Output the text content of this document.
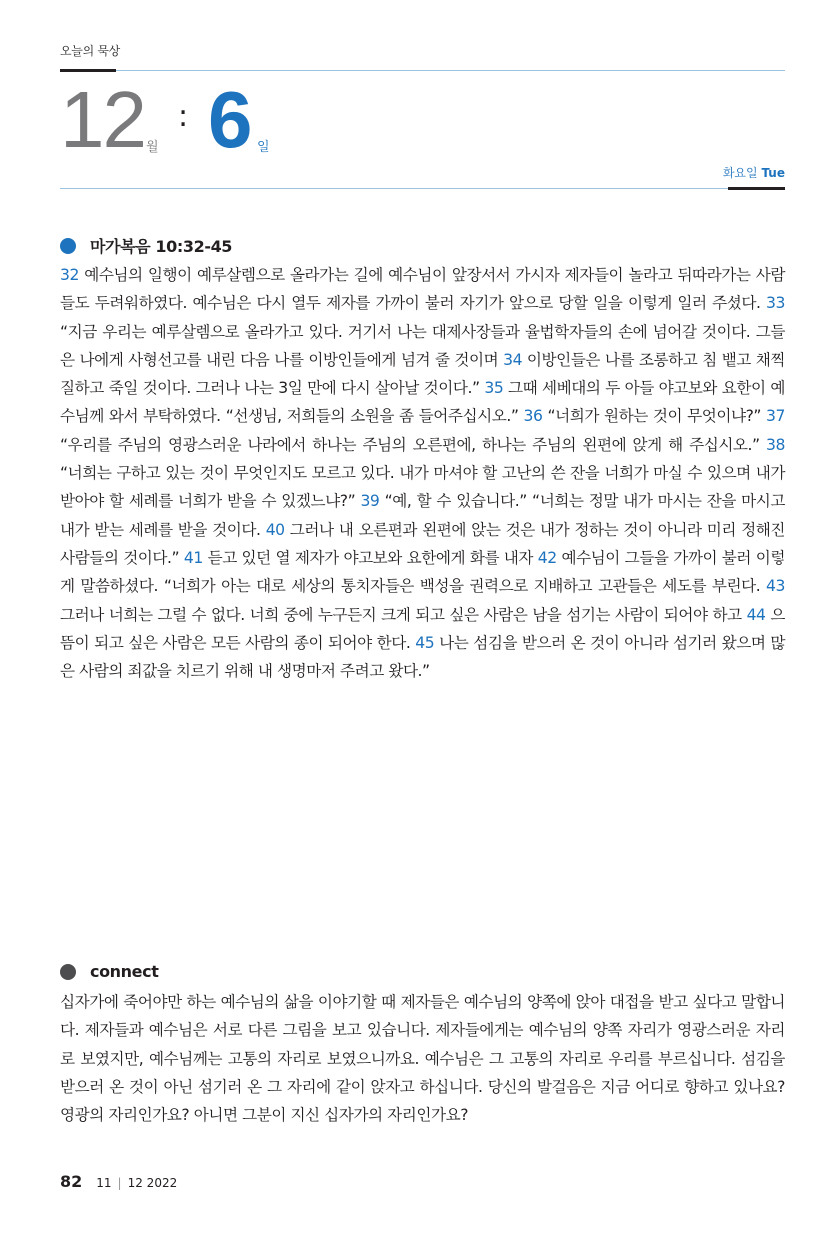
오늘의 묵상
12 월
: 6 일
화요일 Tue
마가복음 10:32-45

32 예수님의 일행이 예루살렘으로 올라가는 길에 예수님이 앞장서서 가시자 제자들이 놀라고 뒤따라가는 사람들도 두려워하였다. 예수님은 다시 열두 제자를 가까이 불러 자기가 앞으로 당할 일을 이렇게 일러 주셨다. 33 “지금 우리는 예루살렘으로 올라가고 있다. 거기서 나는 대제사장들과 율법학자들의 손에 넘어갈 것이다. 그들은 나에게 사형선고를 내린 다음 나를 이방인들에게 넘겨 줄 것이며 34 이방인들은 나를 조롱하고 침 뱉고 채찍질하고 죽일 것이다. 그러나 나는 3일 만에 다시 살아날 것이다.” 35 그때 세베대의 두 아들 야고보와 요한이 예수님께 와서 부탁하였다. “선생님, 저희들의 소원을 좀 들어주십시오.” 36 “너희가 원하는 것이 무엇이냐?” 37 “우리를 주님의 영광스러운 나라에서 하나는 주님의 오른편에, 하나는 주님의 왼편에 앉게 해 주십시오.” 38 “너희는 구하고 있는 것이 무엇인지도 모르고 있다. 내가 마셔야 할 고난의 쓴 잔을 너희가 마실 수 있으며 내가 받아야 할 세례를 너희가 받을 수 있겠느냐?” 39 “예, 할 수 있습니다.” “너희는 정말 내가 마시는 잔을 마시고 내가 받는 세례를 받을 것이다. 40 그러나 내 오른편과 왼편에 앉는 것은 내가 정하는 것이 아니라 미리 정해진 사람들의 것이다.” 41 듣고 있던 열 제자가 야고보와 요한에게 화를 내자 42 예수님이 그들을 가까이 불러 이렇게 말씀하셨다. “너희가 아는 대로 세상의 통치자들은 백성을 권력으로 지배하고 고관들은 세도를 부린다. 43 그러나 너희는 그럴 수 없다. 너희 중에 누구든지 크게 되고 싶은 사람은 남을 섬기는 사람이 되어야 하고 44 으뜸이 되고 싶은 사람은 모든 사람의 종이 되어야 한다. 45 나는 섬김을 받으러 온 것이 아니라 섬기러 왔으며 많은 사람의 죄값을 치르기 위해 내 생명마저 주려고 왔다.”

connect

십자가에 죽어야만 하는 예수님의 삶을 이야기할 때 제자들은 예수님의 양쪽에 앉아 대접을 받고 싶다고 말합니다. 제자들과 예수님은 서로 다른 그림을 보고 있습니다. 제자들에게는 예수님의 양쪽 자리가 영광스러운 자리로 보였지만, 예수님께는 고통의 자리로 보였으니까요. 예수님은 그 고통의 자리로 우리를 부르십니다. 섬김을 받으러 온 것이 아닌 섬기러 온 그 자리에 같이 앉자고 하십니다. 당신의 발걸음은 지금 어디로 향하고 있나요? 영광의 자리인가요? 아니면 그분이 지신 십자가의 자리인가요?

82 11 | 12 2022
